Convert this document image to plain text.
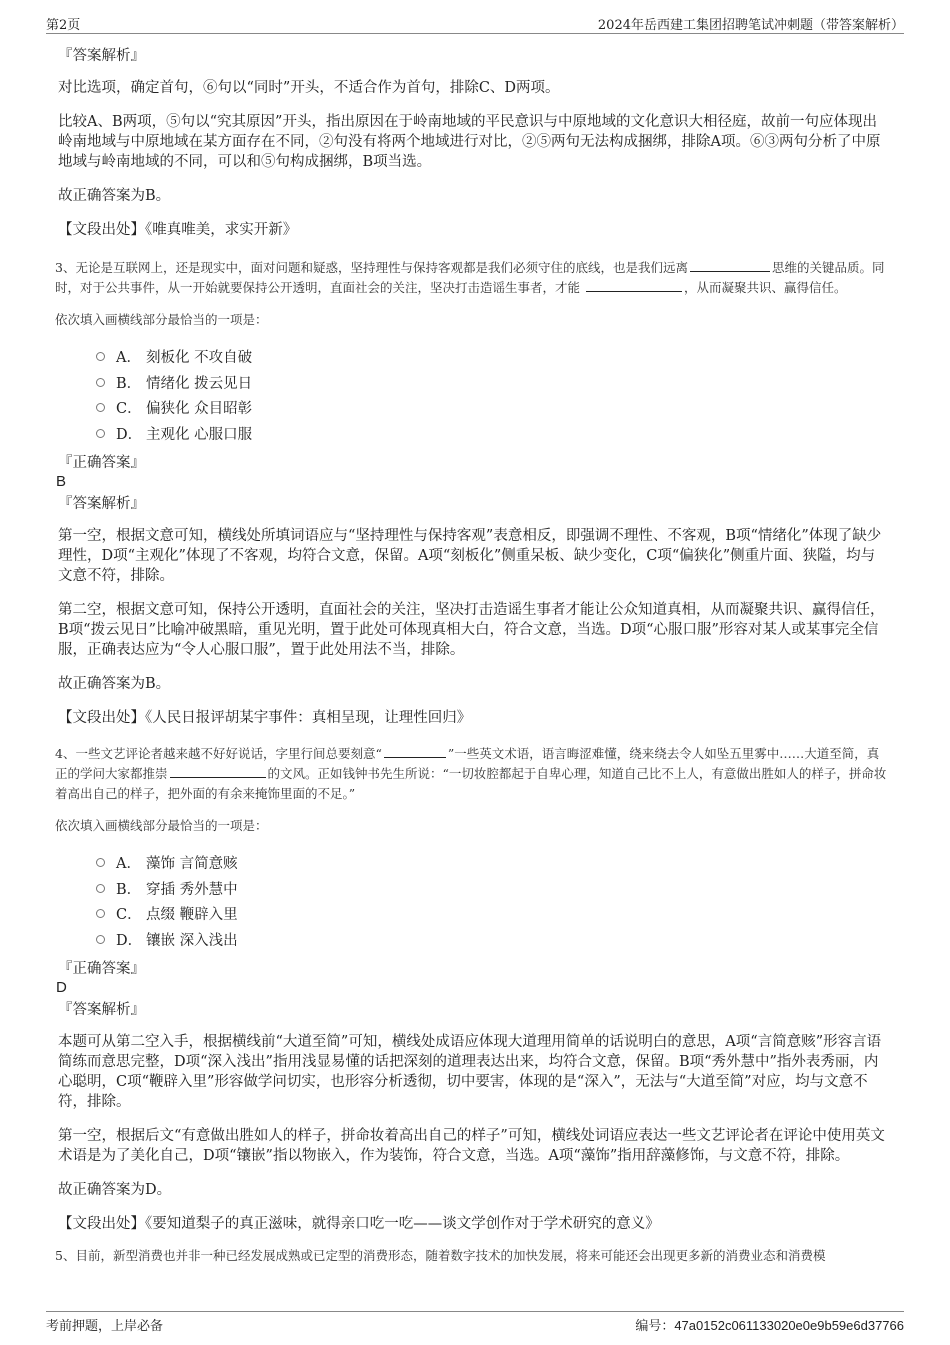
第2页	2024年岳西建工集团招聘笔试冲刺题（带答案解析）
『答案解析』

对比选项，确定首句，⑥句以“同时”开头，不适合作为首句，排除C、D两项。

比较A、B两项，⑤句以“究其原因”开头，指出原因在于岭南地域的平民意识与中原地域的文化意识大相径庭，故前一句应体现出岭南地域与中原地域在某方面存在不同，②句没有将两个地域进行对比，②⑤两句无法构成捆绑，排除A项。⑥③两句分析了中原地域与岭南地域的不同，可以和⑤句构成捆绑，B项当选。

故正确答案为B。

【文段出处】《唯真唯美，求实开新》

3、无论是互联网上，还是现实中，面对问题和疑惑，坚持理性与保持客观都是我们必须守住的底线，也是我们远离	思维的关键品质。同时，对于公共事件，从一开始就要保持公开透明，直面社会的关注，坚决打击造谣生事者，才能	，从而凝聚共识、赢得信任。
依次填入画横线部分最恰当的一项是：
A． 刻板化 不攻自破
B． 情绪化 拨云见日
C． 偏狭化 众目昭彰
D． 主观化 心服口服
『正确答案』
B
『答案解析』

第一空，根据文意可知，横线处所填词语应与“坚持理性与保持客观”表意相反，即强调不理性、不客观，B项“情绪化”体现了缺少理性，D项“主观化”体现了不客观，均符合文意，保留。A项“刻板化”侧重呆板、缺少变化，C项“偏狭化”侧重片面、狭隘，均与文意不符，排除。

第二空，根据文意可知，保持公开透明，直面社会的关注，坚决打击造谣生事者才能让公众知道真相，从而凝聚共识、赢得信任，B项“拨云见日”比喻冲破黑暗，重见光明，置于此处可体现真相大白，符合文意，当选。D项“心服口服”形容对某人或某事完全信服，正确表达应为“令人心服口服”，置于此处用法不当，排除。

故正确答案为B。

【文段出处】《人民日报评胡某宇事件：真相呈现，让理性回归》

4、一些文艺评论者越来越不好好说话，字里行间总要刻意“	”一些英文术语，语言晦涩难懂，绕来绕去令人如坠五里雾中……大道至简，真正的学问大家都推崇	的文风。正如钱钟书先生所说：“一切妆腔都起于自卑心理，知道自己比不上人，有意做出胜如人的样子，拼命妆着高出自己的样子，把外面的有余来掩饰里面的不足。”
依次填入画横线部分最恰当的一项是：
A． 藻饰 言简意赅
B． 穿插 秀外慧中
C． 点缀 鞭辟入里
D． 镶嵌 深入浅出
『正确答案』
D
『答案解析』

本题可从第二空入手，根据横线前“大道至简”可知，横线处成语应体现大道理用简单的话说明白的意思，A项“言简意赅”形容言语简练而意思完整，D项“深入浅出”指用浅显易懂的话把深刻的道理表达出来，均符合文意，保留。B项“秀外慧中”指外表秀丽，内心聪明，C项“鞭辟入里”形容做学问切实，也形容分析透彻，切中要害，体现的是“深入”，无法与“大道至简”对应，均与文意不符，排除。

第一空，根据后文“有意做出胜如人的样子，拼命妆着高出自己的样子”可知，横线处词语应表达一些文艺评论者在评论中使用英文术语是为了美化自己，D项“镶嵌”指以物嵌入，作为装饰，符合文意，当选。A项“藻饰”指用辞藻修饰，与文意不符，排除。

故正确答案为D。

【文段出处】《要知道梨子的真正滋味，就得亲口吃一吃——谈文学创作对于学术研究的意义》

5、目前，新型消费也并非一种已经发展成熟或已定型的消费形态，随着数字技术的加快发展，将来可能还会出现更多新的消费业态和消费模
考前押题，上岸必备	编号：47a0152c061133020e0e9b59e6d37766
